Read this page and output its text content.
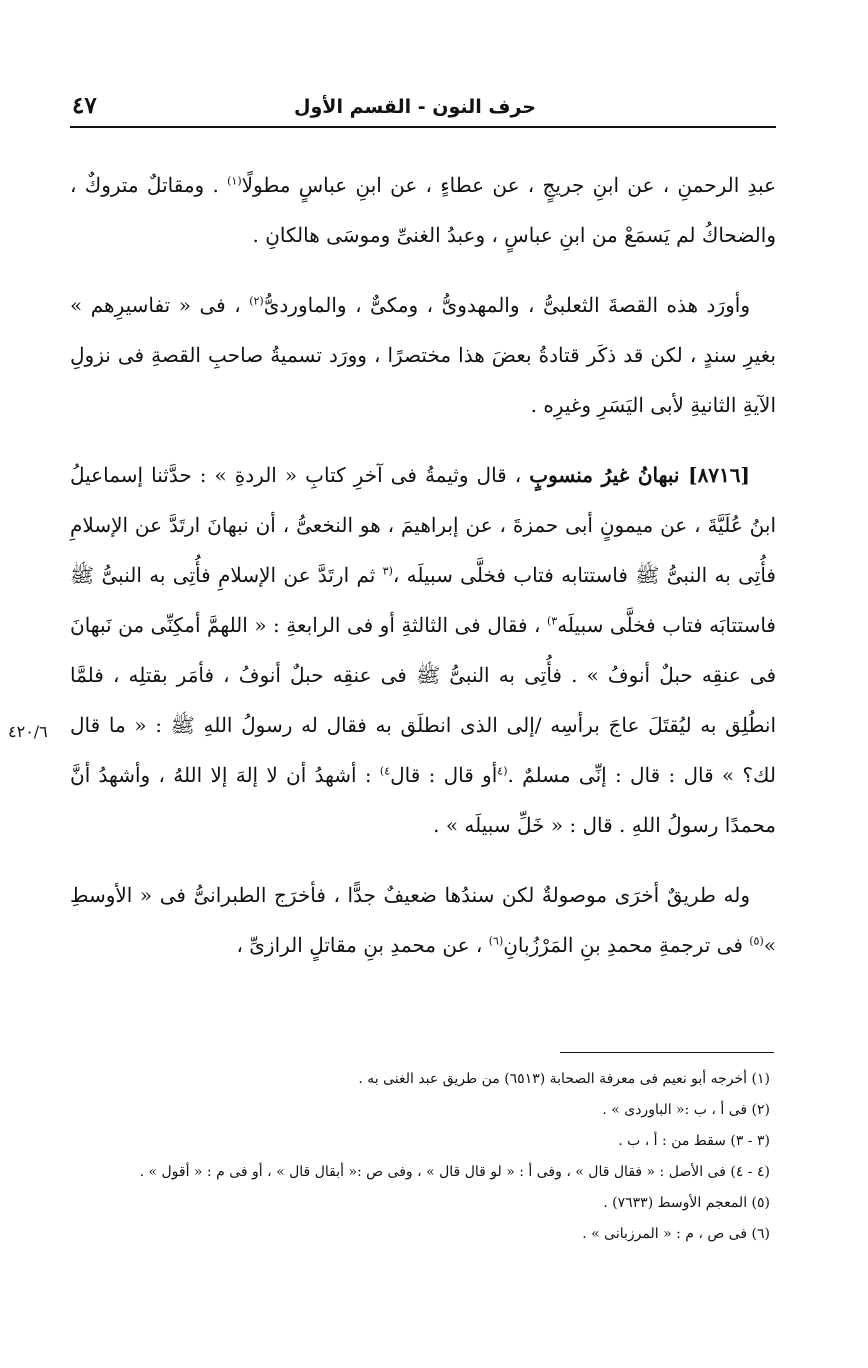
حرف النون - القسم الأول
٤٧

عبدِ الرحمنِ ، عن ابنِ جريجٍ ، عن عطاءٍ ، عن ابنِ عباسٍ مطولًا$^{(١)}$ . ومقاتلٌ متروكٌ ، والضحاكُ لم يَسمَعْ من ابنِ عباسٍ ، وعبدُ الغنىِّ وموسَى هالكانِ .

وأورَد هذه القصةَ الثعلبىُّ ، والمهدوىُّ ، ومكىٌّ ، والماوردىُّ$^{(٢)}$ ، فى « تفاسيرِهم » بغيرِ سندٍ ، لكن قد ذكَر قتادةُ بعضَ هذا مختصرًا ، وورَد تسميةُ صاحبِ القصةِ فى نزولِ الآيةِ الثانيةِ لأبى اليَسَرِ وغيرِه .

[٨٧١٦] نبهانُ غيرُ منسوبٍ ، قال وثيمةُ فى آخرِ كتابِ « الردةِ » : حدَّثنا إسماعيلُ ابنُ عُلَيَّةَ ، عن ميمونٍ أبى حمزةَ ، عن إبراهيمَ ، هو النخعىُّ ، أن نبهانَ ارتَدَّ عن الإسلامِ فأُتِى به النبىُّ ﷺ فاستتابه فتاب فخلَّى سبيلَه ،$^{(٣}$ ثم ارتَدَّ عن الإسلامِ فأُتِى به النبىُّ ﷺ فاستتابَه فتاب فخلَّى سبيلَه$^{٣)}$ ، فقال فى الثالثةِ أو فى الرابعةِ : « اللهمَّ أمكِنِّى من نَبهانَ فى عنقِه حبلٌ أنوفُ » . فأُتِى به النبىُّ ﷺ فى عنقِه حبلٌ أنوفُ ، فأمَر بقتلِه ، فلمَّا انطُلِق به ليُقتَلَ عاجَ برأسِه /إلى الذى انطلَق به فقال له رسولُ اللهِ ﷺ : « ما قال لك؟ » قال : قال : إنِّى مسلمٌ .$^{(٤}$أو قال : قال$^{٤)}$ : أشهدُ أن لا إلهَ إلا اللهُ ، وأشهدُ أنَّ محمدًا رسولُ اللهِ . قال : « خَلِّ سبيلَه » .

وله طريقٌ أخرَى موصولةٌ لكن سندُها ضعيفٌ جدًّا ، فأخرَج الطبرانىُّ فى « الأوسطِ »$^{(٥)}$ فى ترجمةِ محمدِ بنِ المَرْزُبانِ$^{(٦)}$ ، عن محمدِ بنِ مقاتلٍ الرازىِّ ،

٤٢٠/٦
(١) أخرجه أبو نعيم فى معرفة الصحابة (٦٥١٣) من طريق عبد الغنى به .
(٢) فى أ ، ب :« الباوردى » .
(٣ - ٣) سقط من : أ ، ب .
(٤ - ٤) فى الأصل : « فقال قال » ، وفى أ : « لو قال قال » ، وفى ص :« أبقال قال » ، أو فى م : « أقول » .
(٥) المعجم الأوسط (٧٦٣٣) .
(٦) فى ص ، م : « المرزبانى » .
